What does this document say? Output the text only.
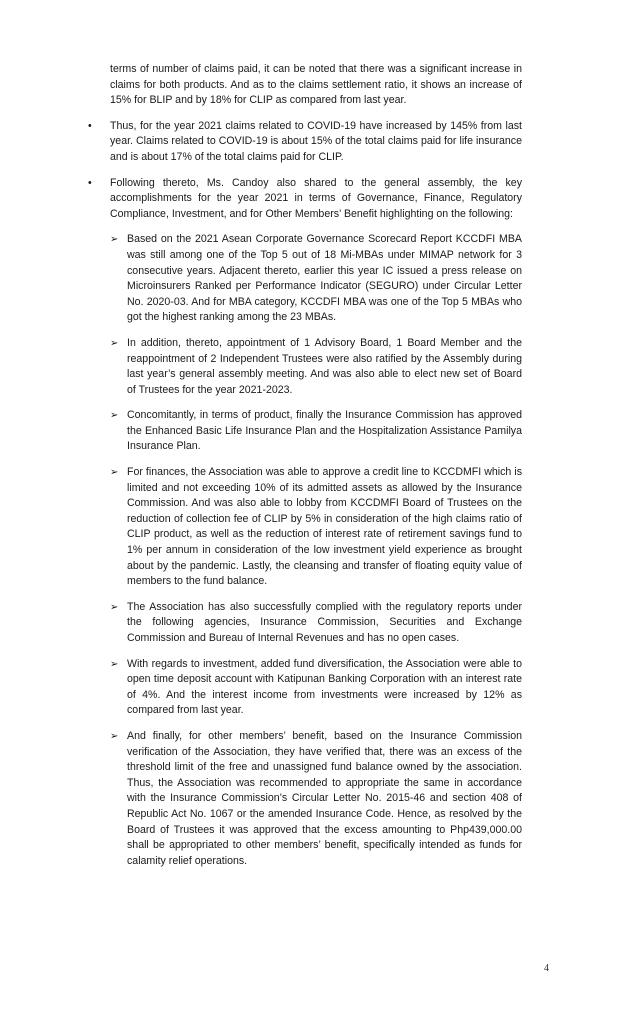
terms of number of claims paid, it can be noted that there was a significant increase in claims for both products. And as to the claims settlement ratio, it shows an increase of 15% for BLIP and by 18% for CLIP as compared from last year.

• Thus, for the year 2021 claims related to COVID-19 have increased by 145% from last year. Claims related to COVID-19 is about 15% of the total claims paid for life insurance and is about 17% of the total claims paid for CLIP.

• Following thereto, Ms. Candoy also shared to the general assembly, the key accomplishments for the year 2021 in terms of Governance, Finance, Regulatory Compliance, Investment, and for Other Members’ Benefit highlighting on the following:

➢ Based on the 2021 Asean Corporate Governance Scorecard Report KCCDFI MBA was still among one of the Top 5 out of 18 Mi-MBAs under MIMAP network for 3 consecutive years. Adjacent thereto, earlier this year IC issued a press release on Microinsurers Ranked per Performance Indicator (SEGURO) under Circular Letter No. 2020-03. And for MBA category, KCCDFI MBA was one of the Top 5 MBAs who got the highest ranking among the 23 MBAs.

➢ In addition, thereto, appointment of 1 Advisory Board, 1 Board Member and the reappointment of 2 Independent Trustees were also ratified by the Assembly during last year’s general assembly meeting. And was also able to elect new set of Board of Trustees for the year 2021-2023.

➢ Concomitantly, in terms of product, finally the Insurance Commission has approved the Enhanced Basic Life Insurance Plan and the Hospitalization Assistance Pamilya Insurance Plan.

➢ For finances, the Association was able to approve a credit line to KCCDMFI which is limited and not exceeding 10% of its admitted assets as allowed by the Insurance Commission. And was also able to lobby from KCCDMFI Board of Trustees on the reduction of collection fee of CLIP by 5% in consideration of the high claims ratio of CLIP product, as well as the reduction of interest rate of retirement savings fund to 1% per annum in consideration of the low investment yield experience as brought about by the pandemic. Lastly, the cleansing and transfer of floating equity value of members to the fund balance.

➢ The Association has also successfully complied with the regulatory reports under the following agencies, Insurance Commission, Securities and Exchange Commission and Bureau of Internal Revenues and has no open cases.

➢ With regards to investment, added fund diversification, the Association were able to open time deposit account with Katipunan Banking Corporation with an interest rate of 4%. And the interest income from investments were increased by 12% as compared from last year.

➢ And finally, for other members’ benefit, based on the Insurance Commission verification of the Association, they have verified that, there was an excess of the threshold limit of the free and unassigned fund balance owned by the association. Thus, the Association was recommended to appropriate the same in accordance with the Insurance Commission’s Circular Letter No. 2015-46 and section 408 of Republic Act No. 1067 or the amended Insurance Code. Hence, as resolved by the Board of Trustees it was approved that the excess amounting to Php439,000.00 shall be appropriated to other members’ benefit, specifically intended as funds for calamity relief operations.

4
